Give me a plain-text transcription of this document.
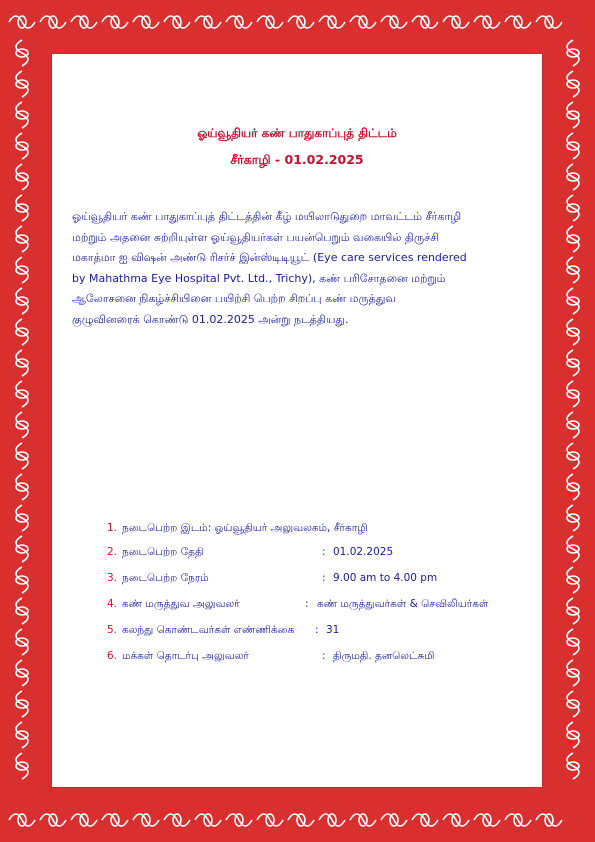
ஓய்வூதியர் கண் பாதுகாப்புத் திட்டம்
சீர்காழி - 01.02.2025
ஓய்வூதியர் கண் பாதுகாப்புத் திட்டத்தின் கீழ் மயிலாடுதுறை மாவட்டம் சீர்காழி
மற்றும் அதனை சுற்றியுள்ள ஓய்வூதியர்கள் பயன்பெறும் வகையில் திருச்சி
மகாத்மா ஐ விஷன் அண்டு ரிசர்ச் இன்ஸ்டிடியூட் (Eye care services rendered
by Mahathma Eye Hospital Pvt. Ltd., Trichy), கண் பரிசோதனை மற்றும்
ஆலோசனை நிகழ்ச்சியினை பயிற்சி பெற்ற சிறப்பு கண் மருத்துவ
குழுவினரைக் கொண்டு 01.02.2025 அன்று நடத்தியது.
1. நடைபெற்ற இடம்: ஓய்வூதியர் அலுவலகம், சீர்காழி
2. நடைபெற்ற தேதி	: 01.02.2025
3. நடைபெற்ற நேரம்	: 9.00 am to 4.00 pm
4. கண் மருத்துவ அலுவலர்	: கண் மருத்துவர்கள் & செவிலியர்கள்
5. கலந்து கொண்டவர்கள் எண்ணிக்கை : 31
6. மக்கள் தொடர்பு அலுவலர்	: திருமதி. தனலெட்சுமி
